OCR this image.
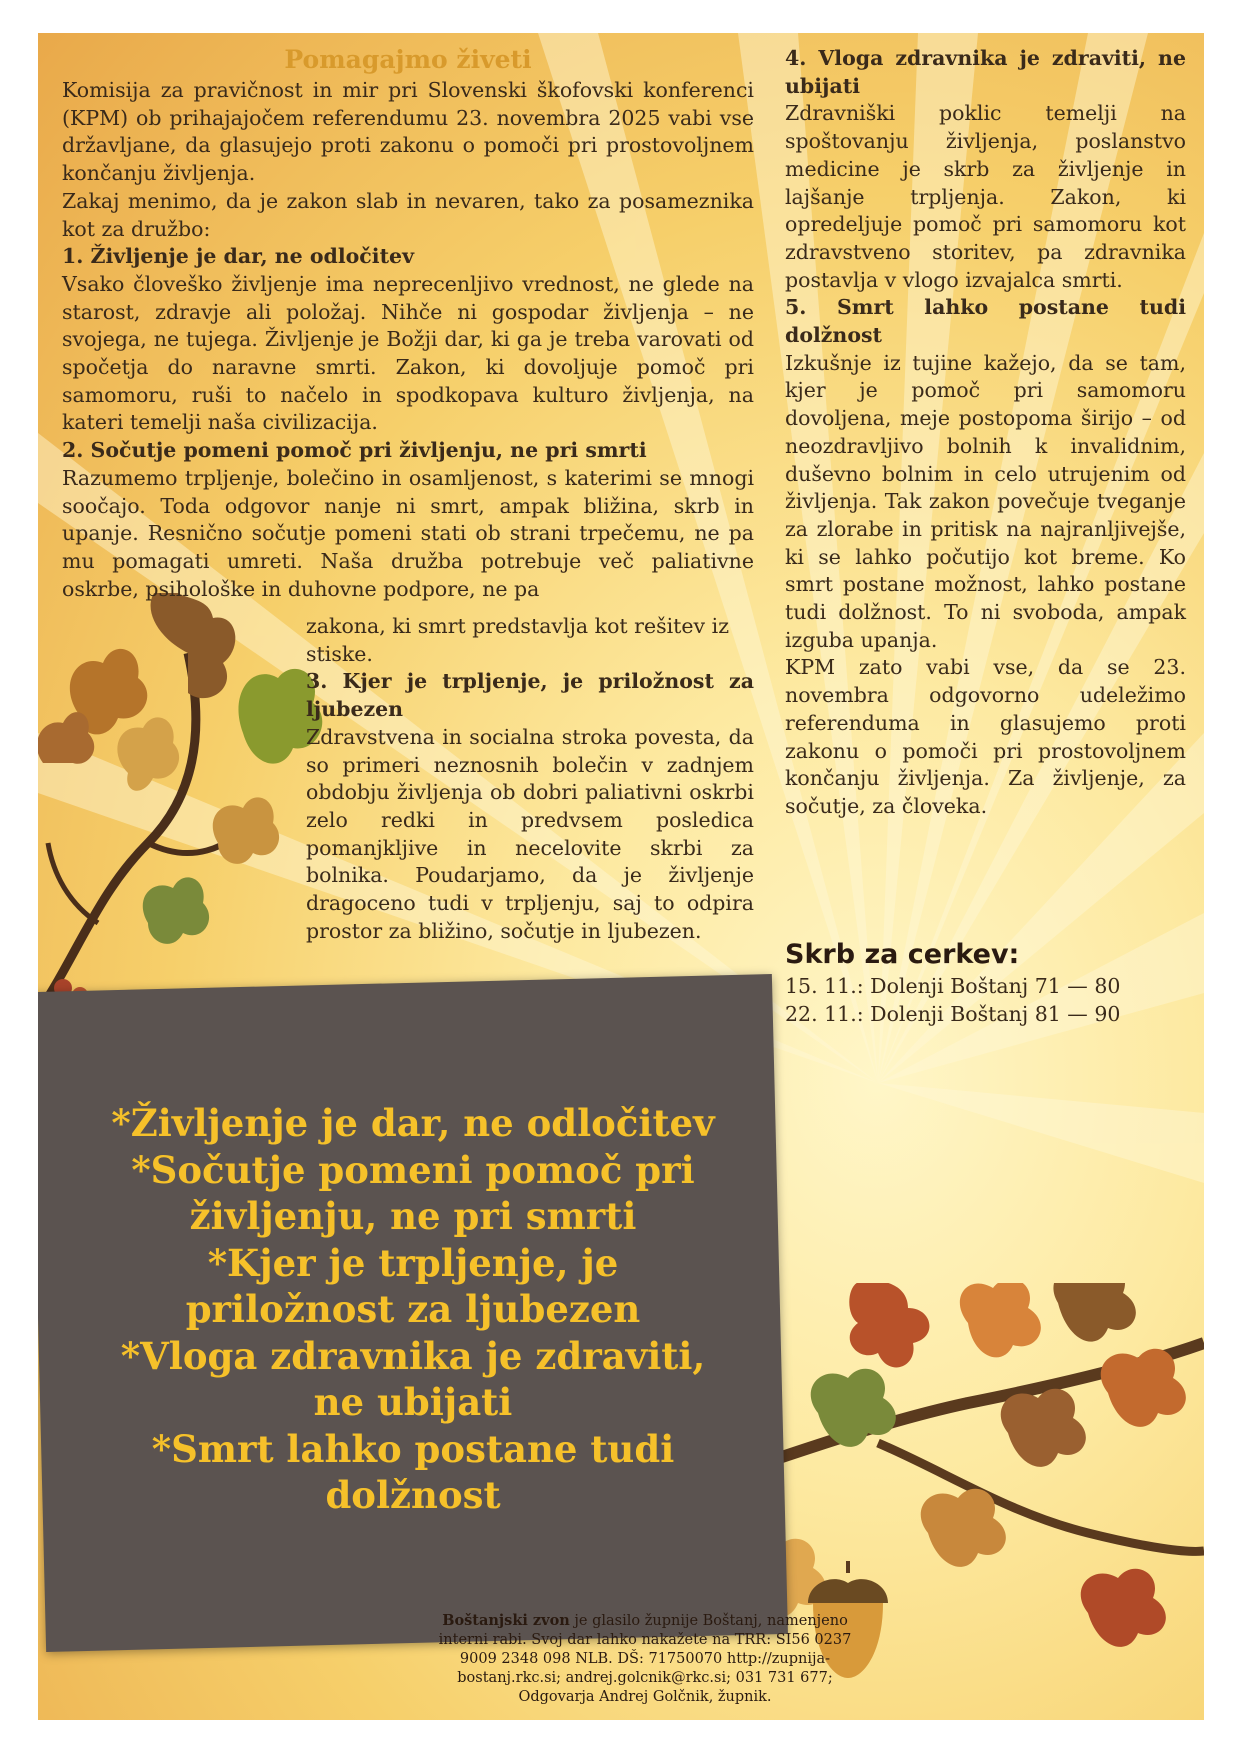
*Življenje je dar, ne odločitev
*Sočutje pomeni pomoč pri
življenju, ne pri smrti
*Kjer je trpljenje, je
priložnost za ljubezen
*Vloga zdravnika je zdraviti,
ne ubijati
*Smrt lahko postane tudi
dolžnost
Pomagajmo živeti

Komisija za pravičnost in mir pri Slovenski škofovski konferenci (KPM) ob prihajajočem referendumu 23. novembra 2025 vabi vse državljane, da glasujejo proti zakonu o pomoči pri prostovoljnem končanju življenja.

Zakaj menimo, da je zakon slab in nevaren, tako za posameznika kot za družbo:

1. Življenje je dar, ne odločitev

Vsako človeško življenje ima neprecenljivo vrednost, ne glede na starost, zdravje ali položaj. Nihče ni gospodar življenja – ne svojega, ne tujega. Življenje je Božji dar, ki ga je treba varovati od spočetja do naravne smrti. Zakon, ki dovoljuje pomoč pri samomoru, ruši to načelo in spodkopava kulturo življenja, na kateri temelji naša civilizacija.

2. Sočutje pomeni pomoč pri življenju, ne pri smrti

Razumemo trpljenje, bolečino in osamljenost, s katerimi se mnogi soočajo. Toda odgovor nanje ni smrt, ampak bližina, skrb in upanje. Resnično sočutje pomeni stati ob strani trpečemu, ne pa mu pomagati umreti. Naša družba potrebuje več paliativne oskrbe, psihološke in duhovne podpore, ne pa

zakona, ki smrt predstavlja kot rešitev iz stiske.

3. Kjer je trpljenje, je priložnost za ljubezen

Zdravstvena in socialna stroka povesta, da so primeri neznosnih bolečin v zadnjem obdobju življenja ob dobri paliativni oskrbi zelo redki in predvsem posledica pomanjkljive in necelovite skrbi za bolnika. Poudarjamo, da je življenje dragoceno tudi v trpljenju, saj to odpira prostor za bližino, sočutje in ljubezen.

4. Vloga zdravnika je zdraviti, ne ubijati

Zdravniški poklic temelji na spoštovanju življenja, poslanstvo medicine je skrb za življenje in lajšanje trpljenja. Zakon, ki opredeljuje pomoč pri samomoru kot zdravstveno storitev, pa zdravnika postavlja v vlogo izvajalca smrti.

5. Smrt lahko postane tudi dolžnost

Izkušnje iz tujine kažejo, da se tam, kjer je pomoč pri samomoru dovoljena, meje postopoma širijo – od neozdravljivo bolnih k invalidnim, duševno bolnim in celo utrujenim od življenja. Tak zakon povečuje tveganje za zlorabe in pritisk na najranljivejše, ki se lahko počutijo kot breme. Ko smrt postane možnost, lahko postane tudi dolžnost. To ni svoboda, ampak izguba upanja.

KPM zato vabi vse, da se 23. novembra odgovorno udeležimo referenduma in glasujemo proti zakonu o pomoči pri prostovoljnem končanju življenja. Za življenje, za sočutje, za človeka.

Skrb za cerkev:
15. 11.: Dolenji Boštanj 71 — 80
22. 11.: Dolenji Boštanj 81 — 90
Boštanjski zvon je glasilo župnije Boštanj, namenjeno interni rabi. Svoj dar lahko nakažete na TRR: SI56 0237 9009 2348 098 NLB. DŠ: 71750070 http://zupnija-bostanj.rkc.si; andrej.golcnik@rkc.si; 031 731 677; Odgovarja Andrej Golčnik, župnik.
